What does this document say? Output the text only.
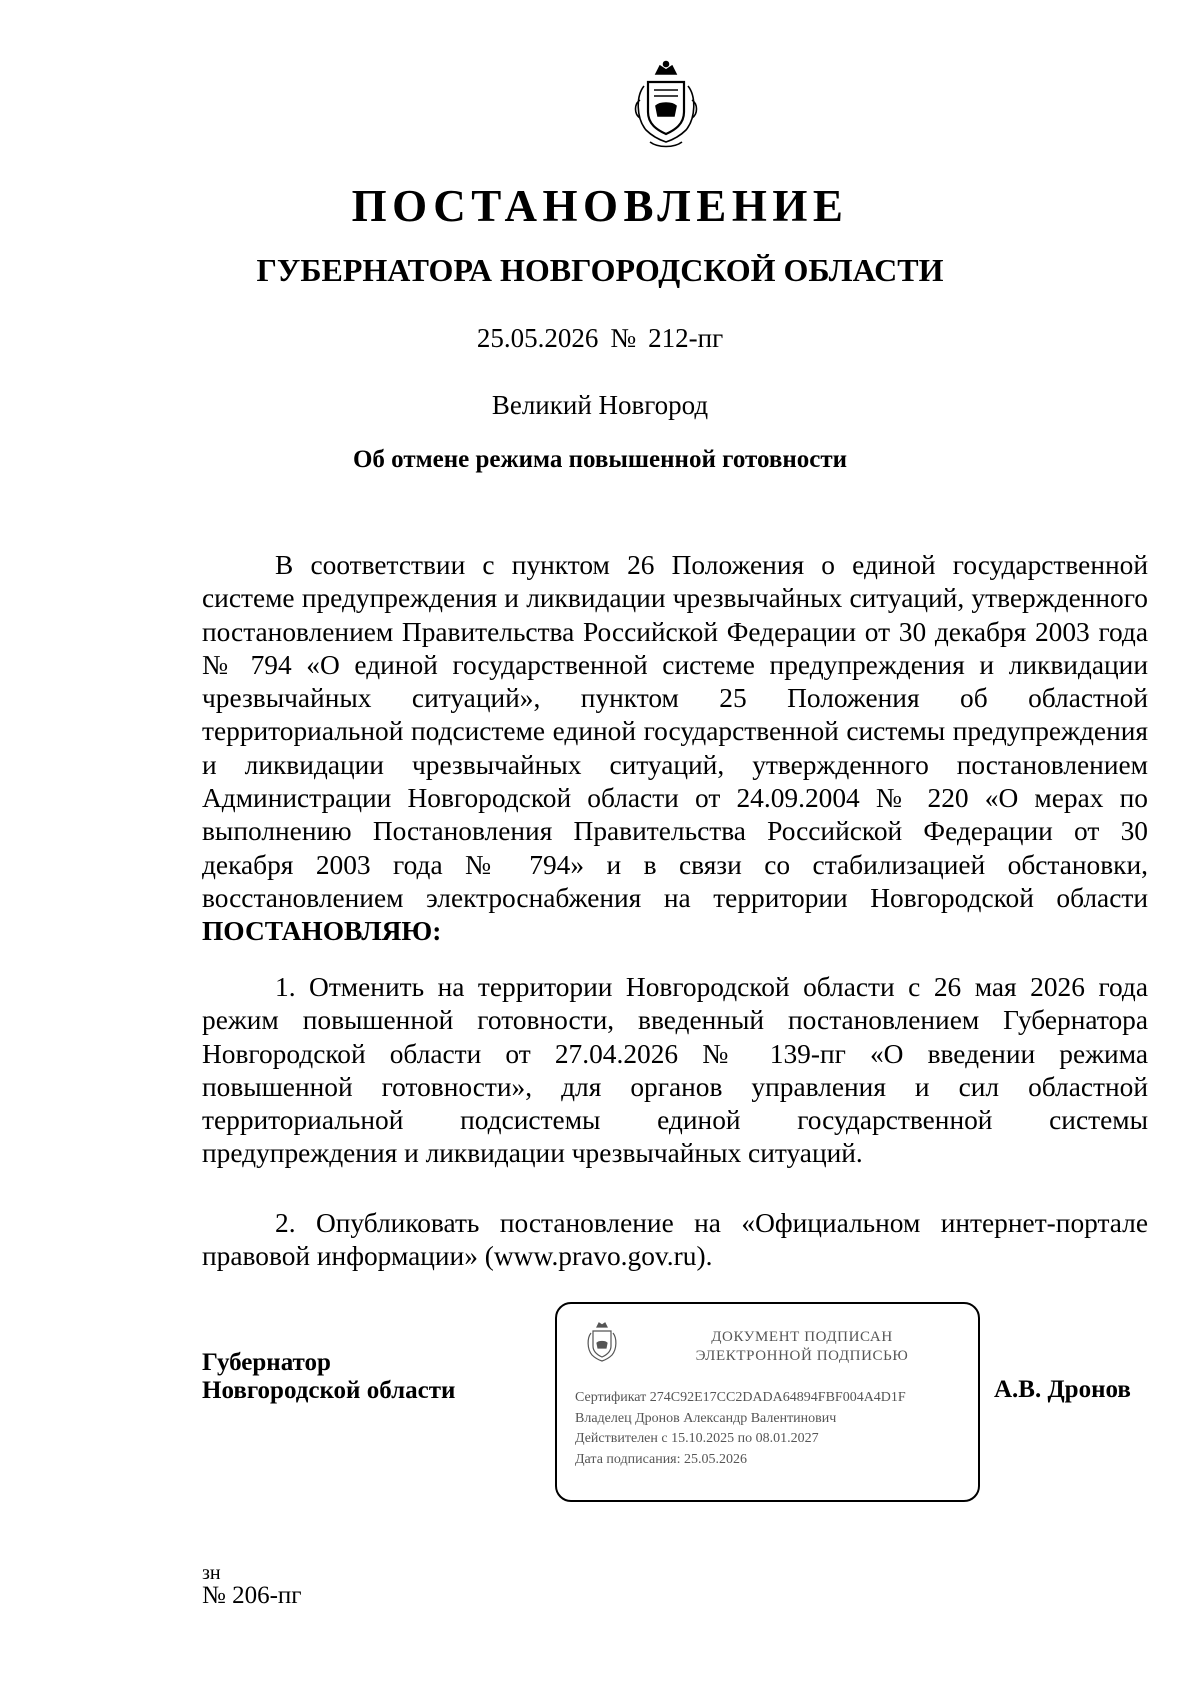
ПОСТАНОВЛЕНИЕ
ГУБЕРНАТОРА НОВГОРОДСКОЙ ОБЛАСТИ
25.05.2026 № 212-пг
Великий Новгород
Об отмене режима повышенной готовности

В соответствии с пунктом 26 Положения о единой государственной системе предупреждения и ликвидации чрезвычайных ситуаций, утвержденного постановлением Правительства Российской Федерации от 30 декабря 2003 года № 794 «О единой государственной системе предупреждения и ликвидации чрезвычайных ситуаций», пунктом 25 Положения об областной территориальной подсистеме единой государственной системы предупреждения и ликвидации чрезвычайных ситуаций, утвержденного постановлением Администрации Новгородской области от 24.09.2004 № 220 «О мерах по выполнению Постановления Правительства Российской Федерации от 30 декабря 2003 года № 794» и в связи со стабилизацией обстановки, восстановлением электроснабжения на территории Новгородской области ПОСТАНОВЛЯЮ:

1. Отменить на территории Новгородской области с 26 мая 2026 года режим повышенной готовности, введенный постановлением Губернатора Новгородской области от 27.04.2026 № 139-пг «О введении режима повышенной готовности», для органов управления и сил областной территориальной подсистемы единой государственной системы предупреждения и ликвидации чрезвычайных ситуаций.

2. Опубликовать постановление на «Официальном интернет-портале правовой информации» (www.pravo.gov.ru).

Губернатор
Новгородской области
ДОКУМЕНТ ПОДПИСАН
ЭЛЕКТРОННОЙ ПОДПИСЬЮ
Сертификат 274C92E17CC2DADA64894FBF004A4D1F
Владелец Дронов Александр Валентинович
Действителен с 15.10.2025 по 08.01.2027
Дата подписания: 25.05.2026
А.В. Дронов
зн
№ 206-пг
